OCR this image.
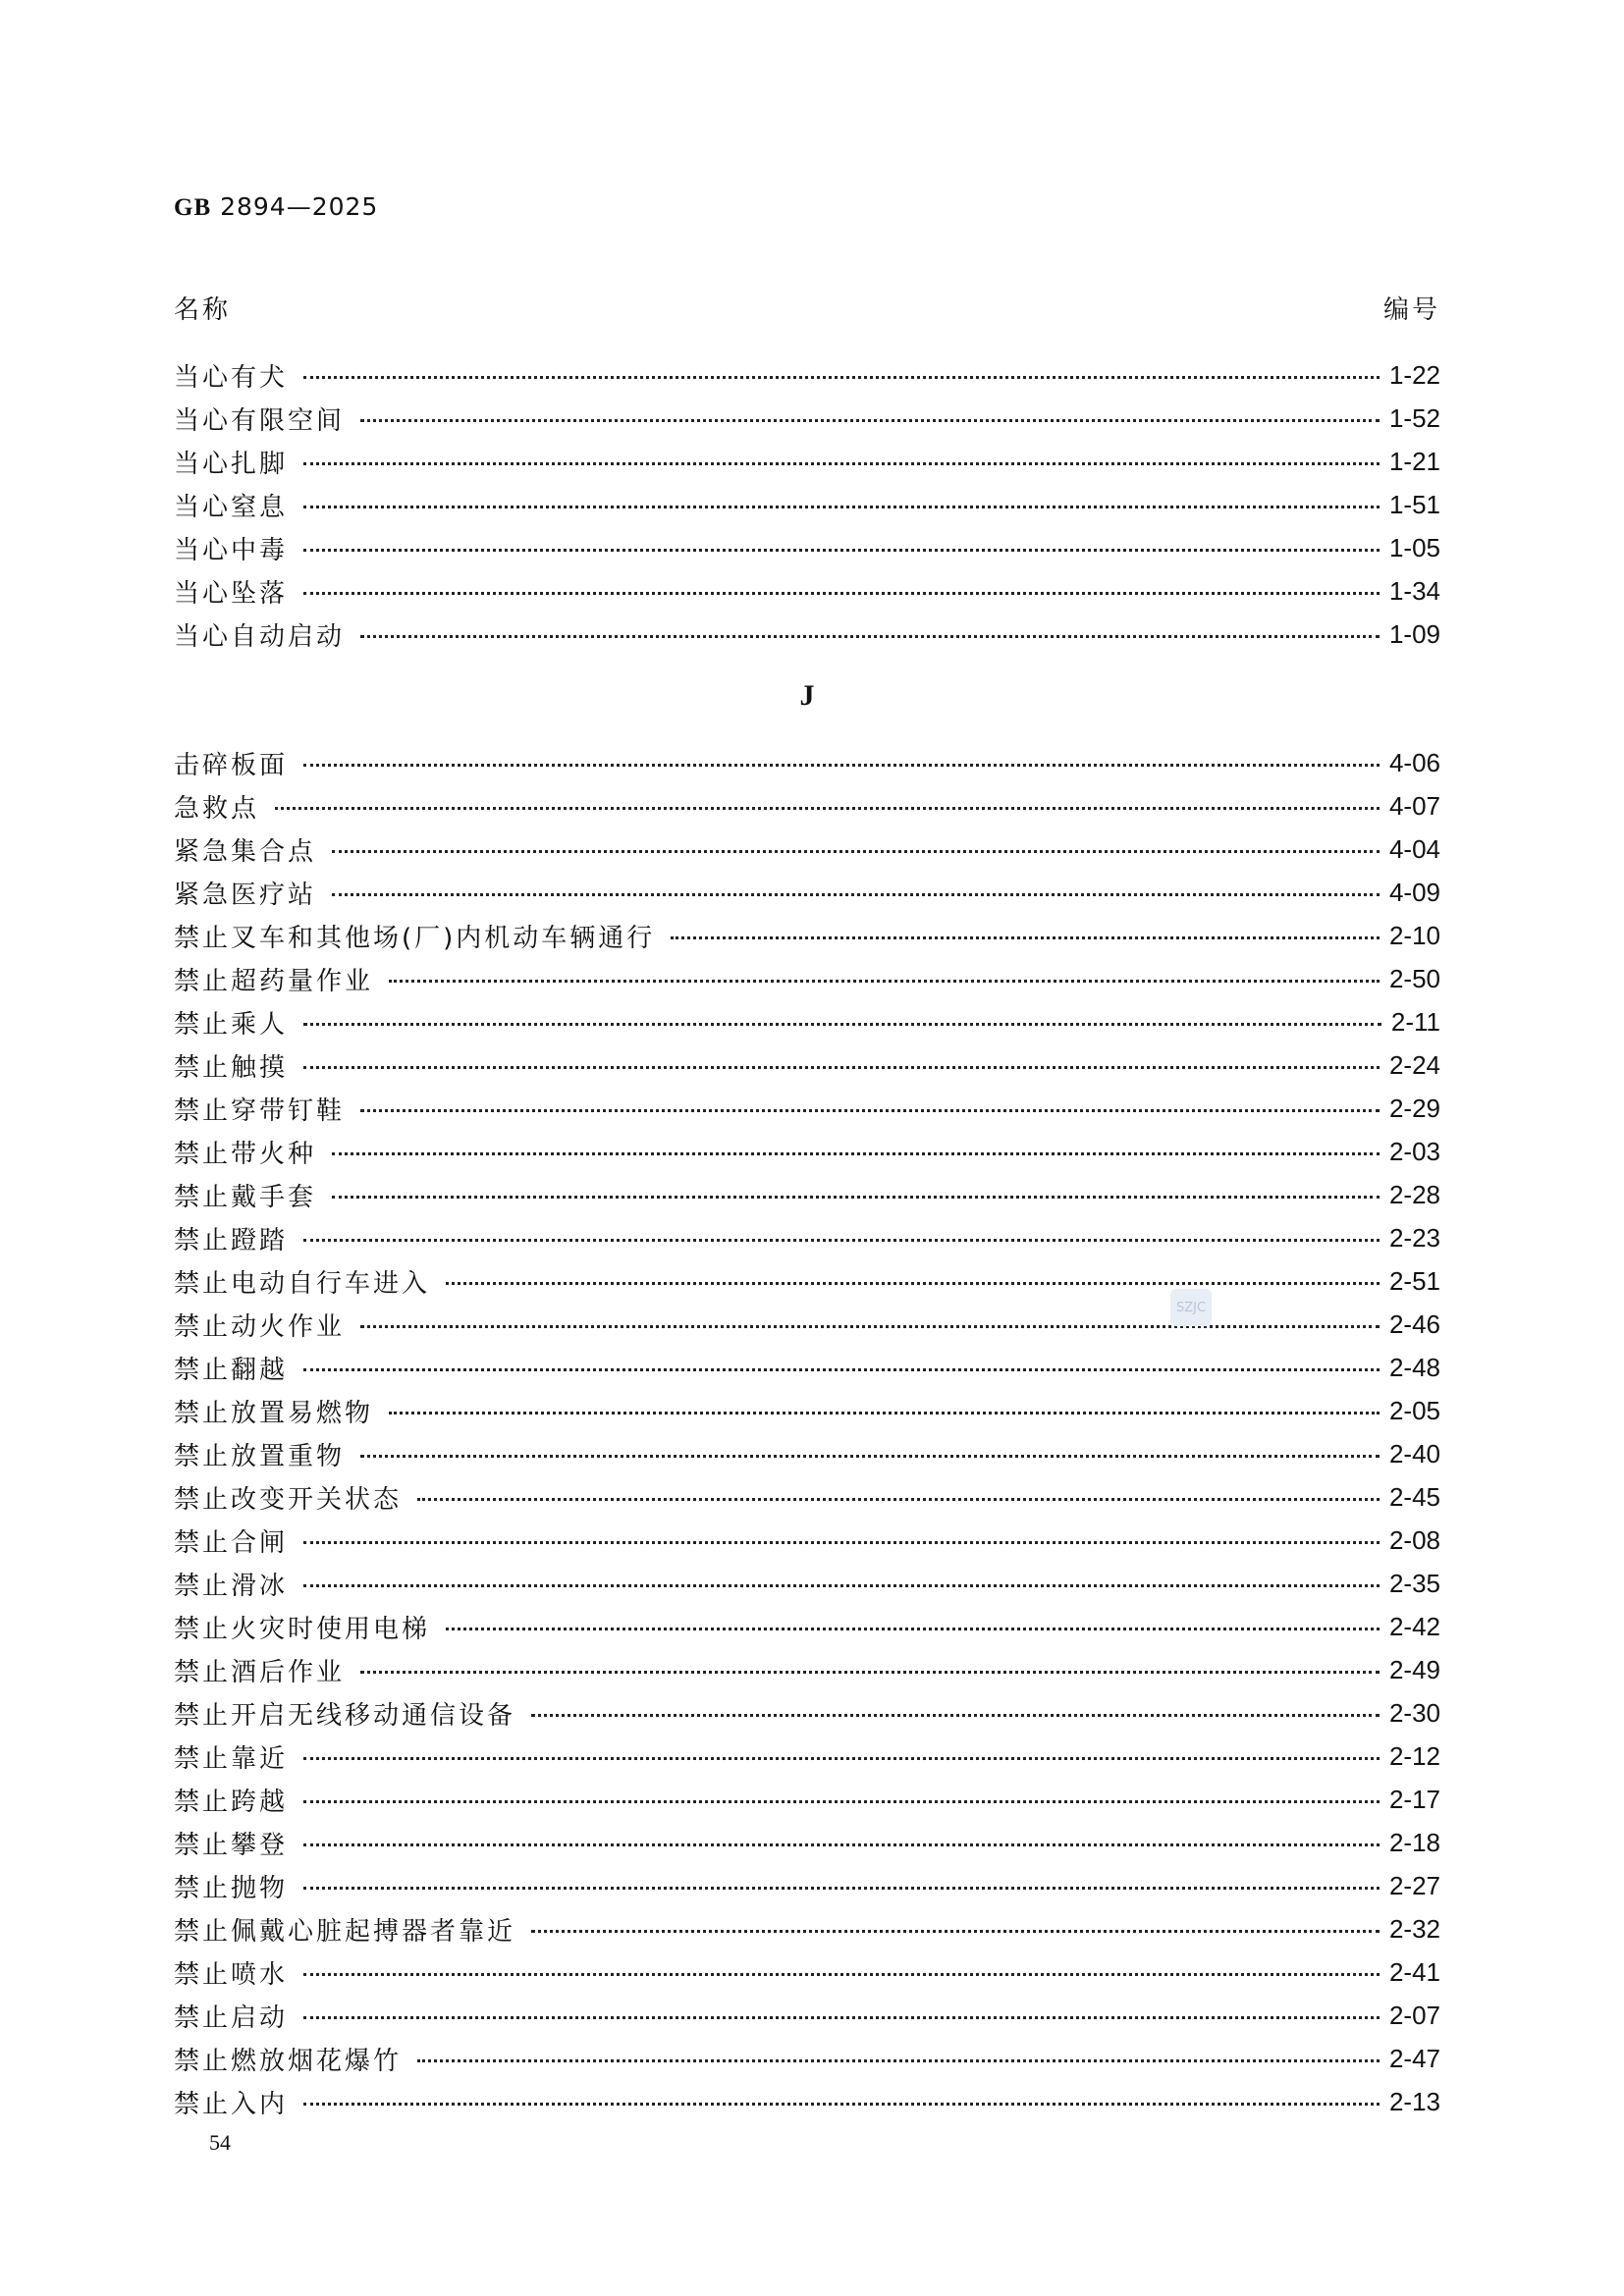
GB 2894—2025
名称	编号
当心有犬	1-22
当心有限空间	1-52
当心扎脚	1-21
当心窒息	1-51
当心中毒	1-05
当心坠落	1-34
当心自动启动	1-09
J
击碎板面	4-06
急救点	4-07
紧急集合点	4-04
紧急医疗站	4-09
禁止叉车和其他场(厂)内机动车辆通行	2-10
禁止超药量作业	2-50
禁止乘人	2-11
禁止触摸	2-24
禁止穿带钉鞋	2-29
禁止带火种	2-03
禁止戴手套	2-28
禁止蹬踏	2-23
禁止电动自行车进入	2-51
禁止动火作业	2-46
禁止翻越	2-48
禁止放置易燃物	2-05
禁止放置重物	2-40
禁止改变开关状态	2-45
禁止合闸	2-08
禁止滑冰	2-35
禁止火灾时使用电梯	2-42
禁止酒后作业	2-49
禁止开启无线移动通信设备	2-30
禁止靠近	2-12
禁止跨越	2-17
禁止攀登	2-18
禁止抛物	2-27
禁止佩戴心脏起搏器者靠近	2-32
禁止喷水	2-41
禁止启动	2-07
禁止燃放烟花爆竹	2-47
禁止入内	2-13
SZJC
54
